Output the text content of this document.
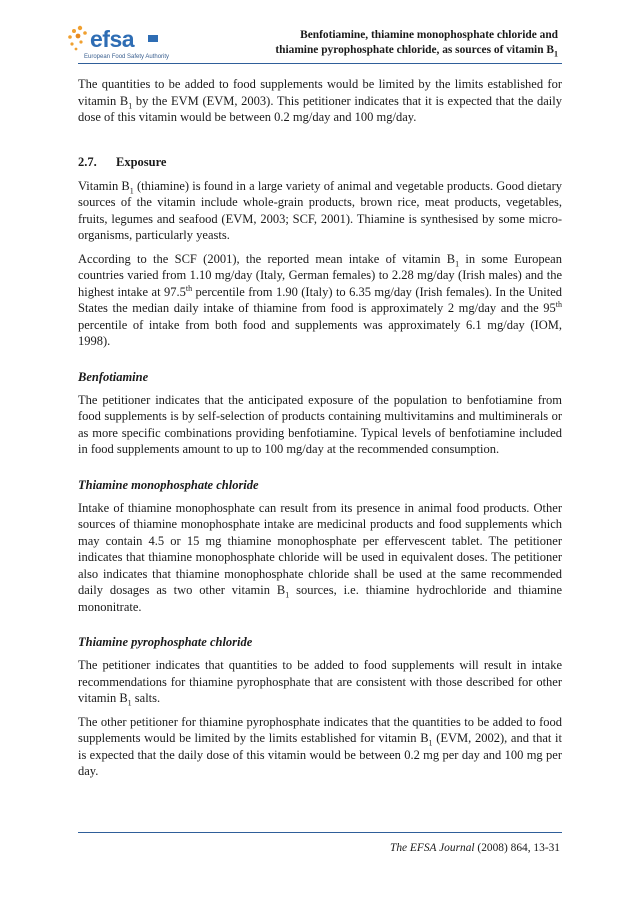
efsa
European Food Safety Authority
Benfotiamine, thiamine monophosphate chloride and
thiamine pyrophosphate chloride, as sources of vitamin $B_1$

The quantities to be added to food supplements would be limited by the limits established for vitamin $B_1$ by the EVM (EVM, 2003). This petitioner indicates that it is expected that the daily dose of this vitamin would be between 0.2 mg/day and 100 mg/day.

2.7. Exposure

Vitamin $B_1$ (thiamine) is found in a large variety of animal and vegetable products. Good dietary sources of the vitamin include whole-grain products, brown rice, meat products, vegetables, fruits, legumes and seafood (EVM, 2003; SCF, 2001). Thiamine is synthesised by some micro-organisms, particularly yeasts.

According to the SCF (2001), the reported mean intake of vitamin $B_1$ in some European countries varied from 1.10 mg/day (Italy, German females) to 2.28 mg/day (Irish males) and the highest intake at 97.5th percentile from 1.90 (Italy) to 6.35 mg/day (Irish females). In the United States the median daily intake of thiamine from food is approximately 2 mg/day and the 95th percentile of intake from both food and supplements was approximately 6.1 mg/day (IOM, 1998).

Benfotiamine

The petitioner indicates that the anticipated exposure of the population to benfotiamine from food supplements is by self-selection of products containing multivitamins and multiminerals or as more specific combinations providing benfotiamine. Typical levels of benfotiamine included in food supplements amount to up to 100 mg/day at the recommended consumption.

Thiamine monophosphate chloride

Intake of thiamine monophosphate can result from its presence in animal food products. Other sources of thiamine monophosphate intake are medicinal products and food supplements which may contain 4.5 or 15 mg thiamine monophosphate per effervescent tablet. The petitioner indicates that thiamine monophosphate chloride will be used in equivalent doses. The petitioner also indicates that thiamine monophosphate chloride shall be used at the same recommended daily dosages as two other vitamin $B_1$ sources, i.e. thiamine hydrochloride and thiamine mononitrate.

Thiamine pyrophosphate chloride

The petitioner indicates that quantities to be added to food supplements will result in intake recommendations for thiamine pyrophosphate that are consistent with those described for other vitamin $B_1$ salts.

The other petitioner for thiamine pyrophosphate indicates that the quantities to be added to food supplements would be limited by the limits established for vitamin $B_1$ (EVM, 2002), and that it is expected that the daily dose of this vitamin would be between 0.2 mg per day and 100 mg per day.

The EFSA Journal (2008) 864, 13-31
